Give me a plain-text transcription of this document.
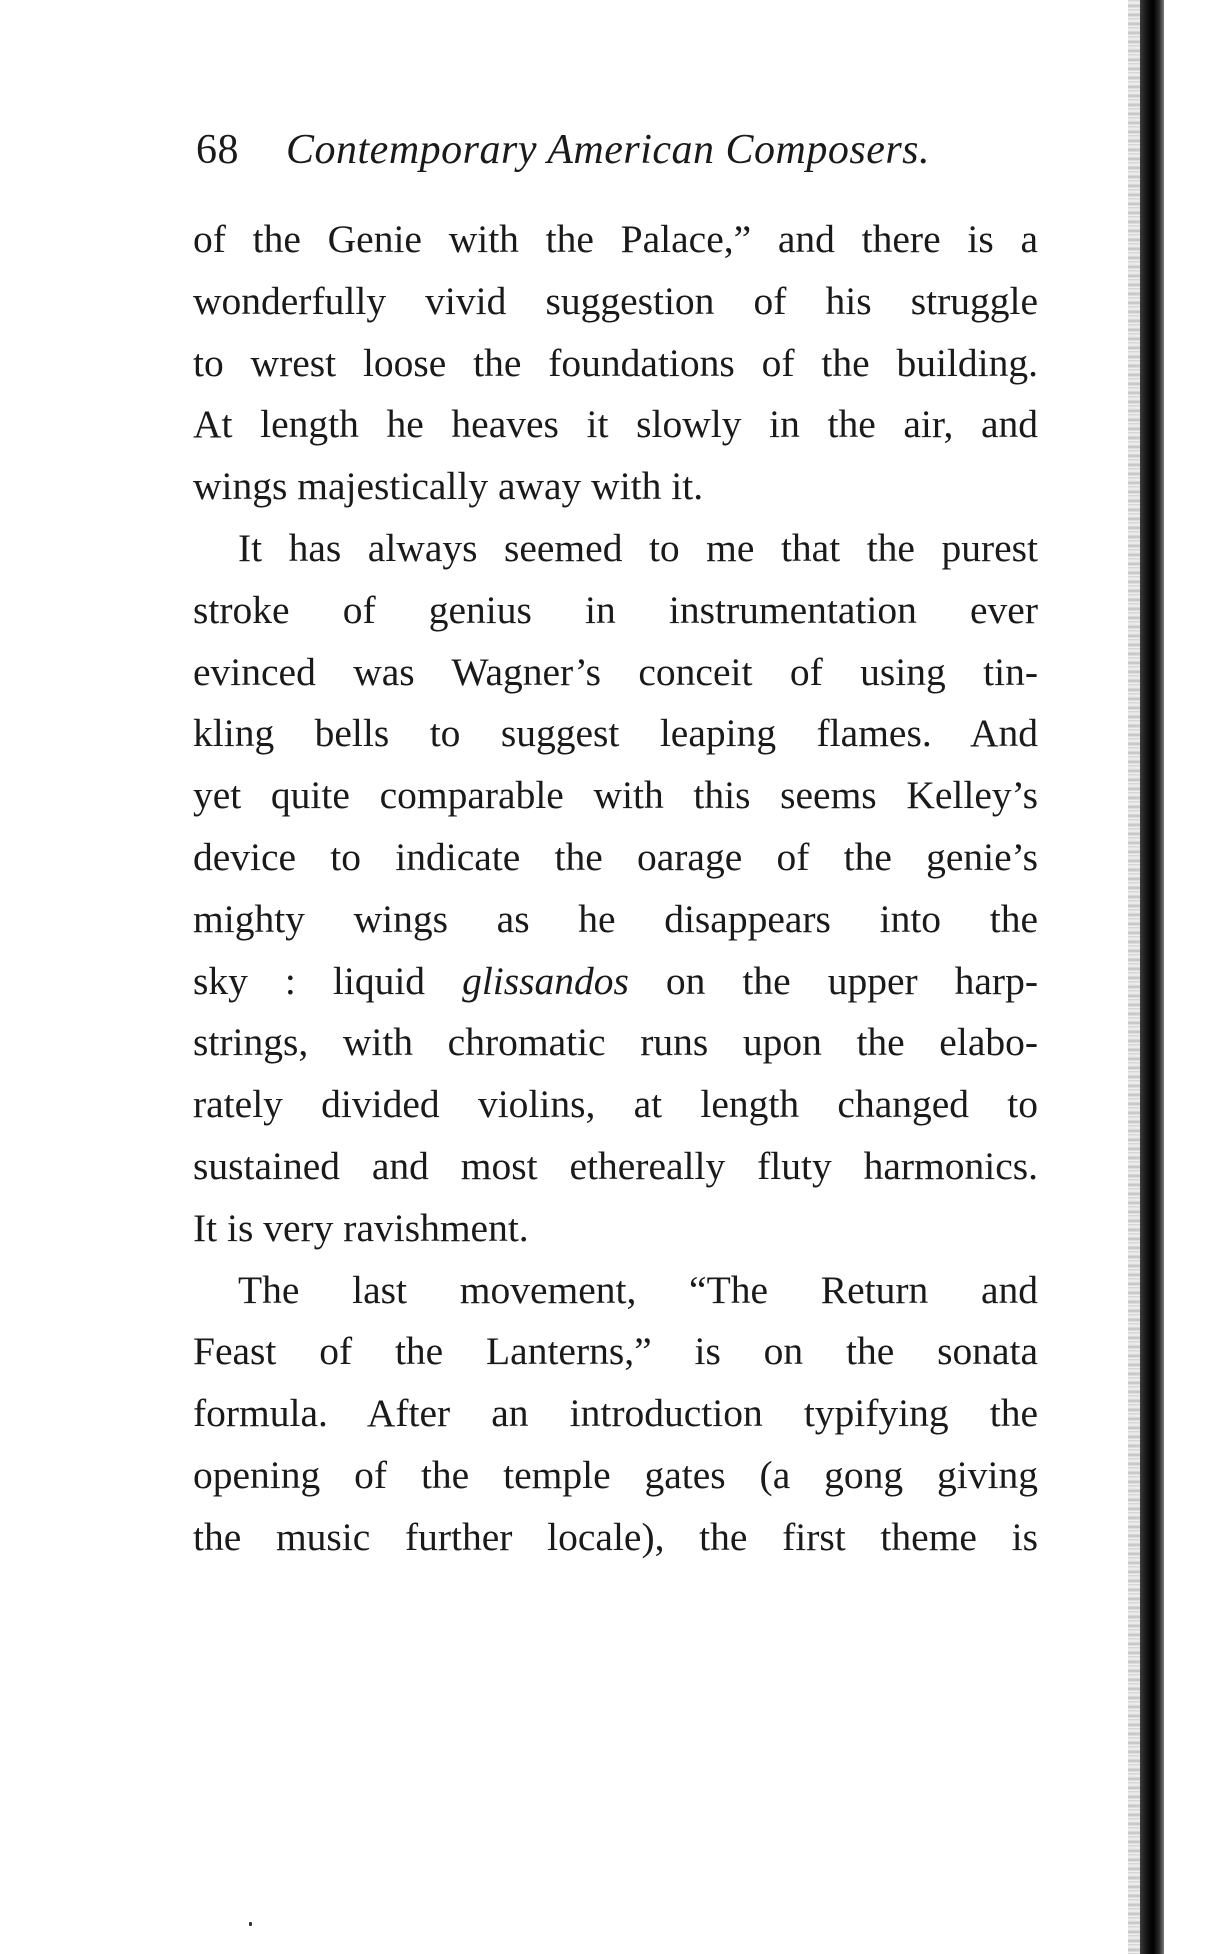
68 Contemporary American Composers.
of the Genie with the Palace,” and there is a
wonderfully vivid suggestion of his struggle
to wrest loose the foundations of the building.
At length he heaves it slowly in the air, and
wings majestically away with it.
It has always seemed to me that the purest
stroke of genius in instrumentation ever
evinced was Wagner’s conceit of using tin-
kling bells to suggest leaping flames. And
yet quite comparable with this seems Kelley’s
device to indicate the oarage of the genie’s
mighty wings as he disappears into the
sky : liquid glissandos on the upper harp-
strings, with chromatic runs upon the elabo-
rately divided violins, at length changed to
sustained and most ethereally fluty harmonics.
It is very ravishment.
The last movement, “The Return and
Feast of the Lanterns,” is on the sonata
formula. After an introduction typifying the
opening of the temple gates (a gong giving
the music further locale), the first theme is
